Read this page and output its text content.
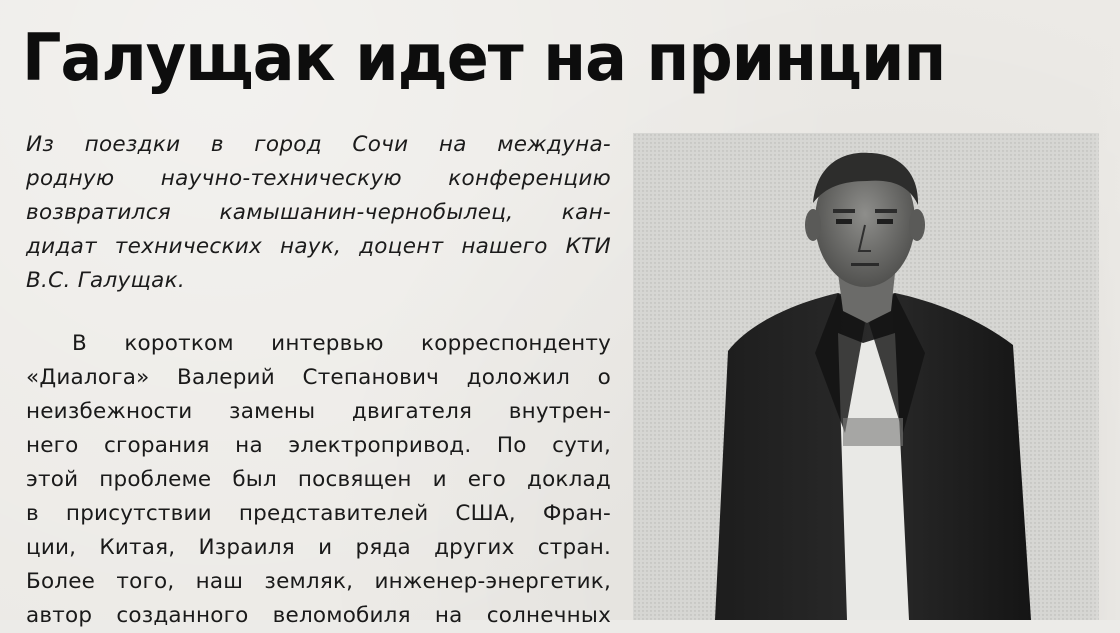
Галущак идет на принцип
Из поездки в город Сочи на междуна-
родную научно-техническую конференцию
возвратился камышанин-чернобылец, кан-
дидат технических наук, доцент нашего КТИ
В.С. Галущак.
В коротком интервью корреспонденту
«Диалога» Валерий Степанович доложил о
неизбежности замены двигателя внутрен-
него сгорания на электропривод. По сути,
этой проблеме был посвящен и его доклад
в присутствии представителей США, Фран-
ции, Китая, Израиля и ряда других стран.
Более того, наш земляк, инженер-энергетик,
автор созданного веломобиля на солнечных
